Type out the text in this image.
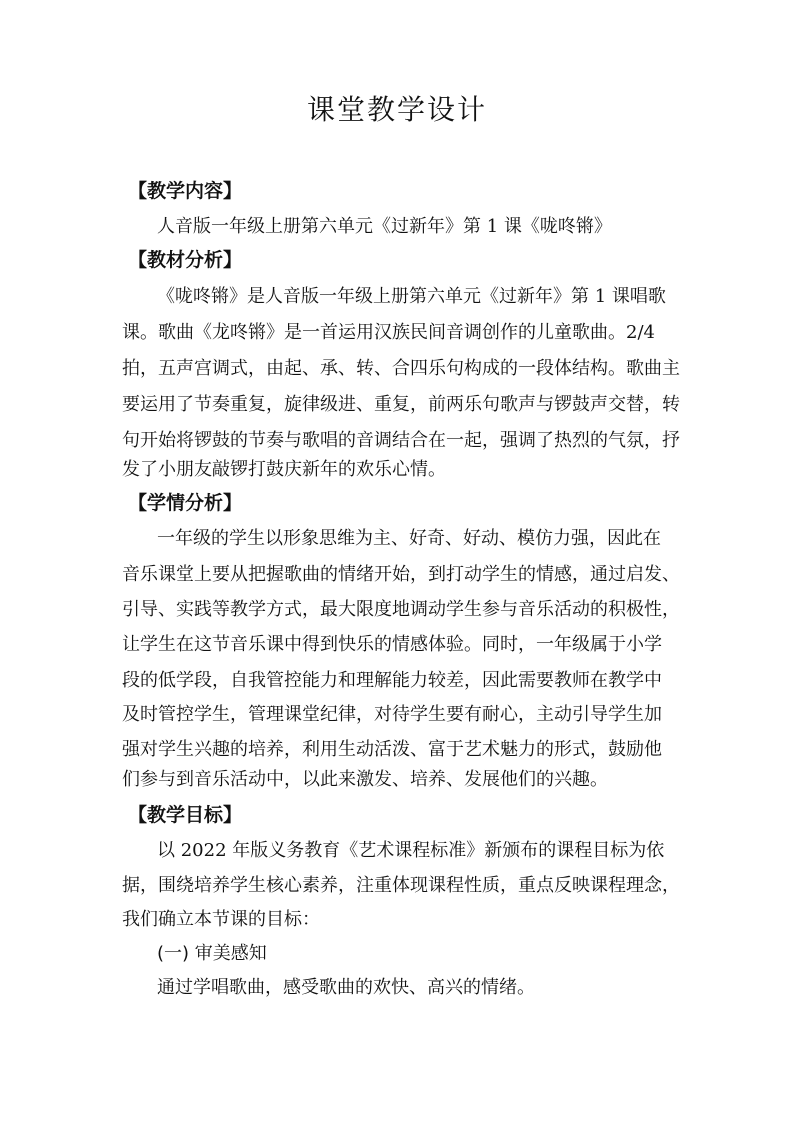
课堂教学设计
【教学内容】
人音版一年级上册第六单元《过新年》第 1 课《咙咚锵》
【教材分析】
《咙咚锵》是人音版一年级上册第六单元《过新年》第 1 课唱歌
课。歌曲《龙咚锵》是一首运用汉族民间音调创作的儿童歌曲。2/4
拍，五声宫调式，由起、承、转、合四乐句构成的一段体结构。歌曲主
要运用了节奏重复，旋律级进、重复，前两乐句歌声与锣鼓声交替，转
句开始将锣鼓的节奏与歌唱的音调结合在一起，强调了热烈的气氛，抒
发了小朋友敲锣打鼓庆新年的欢乐心情。
【学情分析】
一年级的学生以形象思维为主、好奇、好动、模仿力强，因此在
音乐课堂上要从把握歌曲的情绪开始，到打动学生的情感，通过启发、
引导、实践等教学方式，最大限度地调动学生参与音乐活动的积极性，
让学生在这节音乐课中得到快乐的情感体验。同时，一年级属于小学
段的低学段，自我管控能力和理解能力较差，因此需要教师在教学中
及时管控学生，管理课堂纪律，对待学生要有耐心，主动引导学生加
强对学生兴趣的培养，利用生动活泼、富于艺术魅力的形式，鼓励他
们参与到音乐活动中，以此来激发、培养、发展他们的兴趣。
【教学目标】
以 2022 年版义务教育《艺术课程标准》新颁布的课程目标为依
据，围绕培养学生核心素养，注重体现课程性质，重点反映课程理念，
我们确立本节课的目标：
(一) 审美感知
通过学唱歌曲，感受歌曲的欢快、高兴的情绪。
